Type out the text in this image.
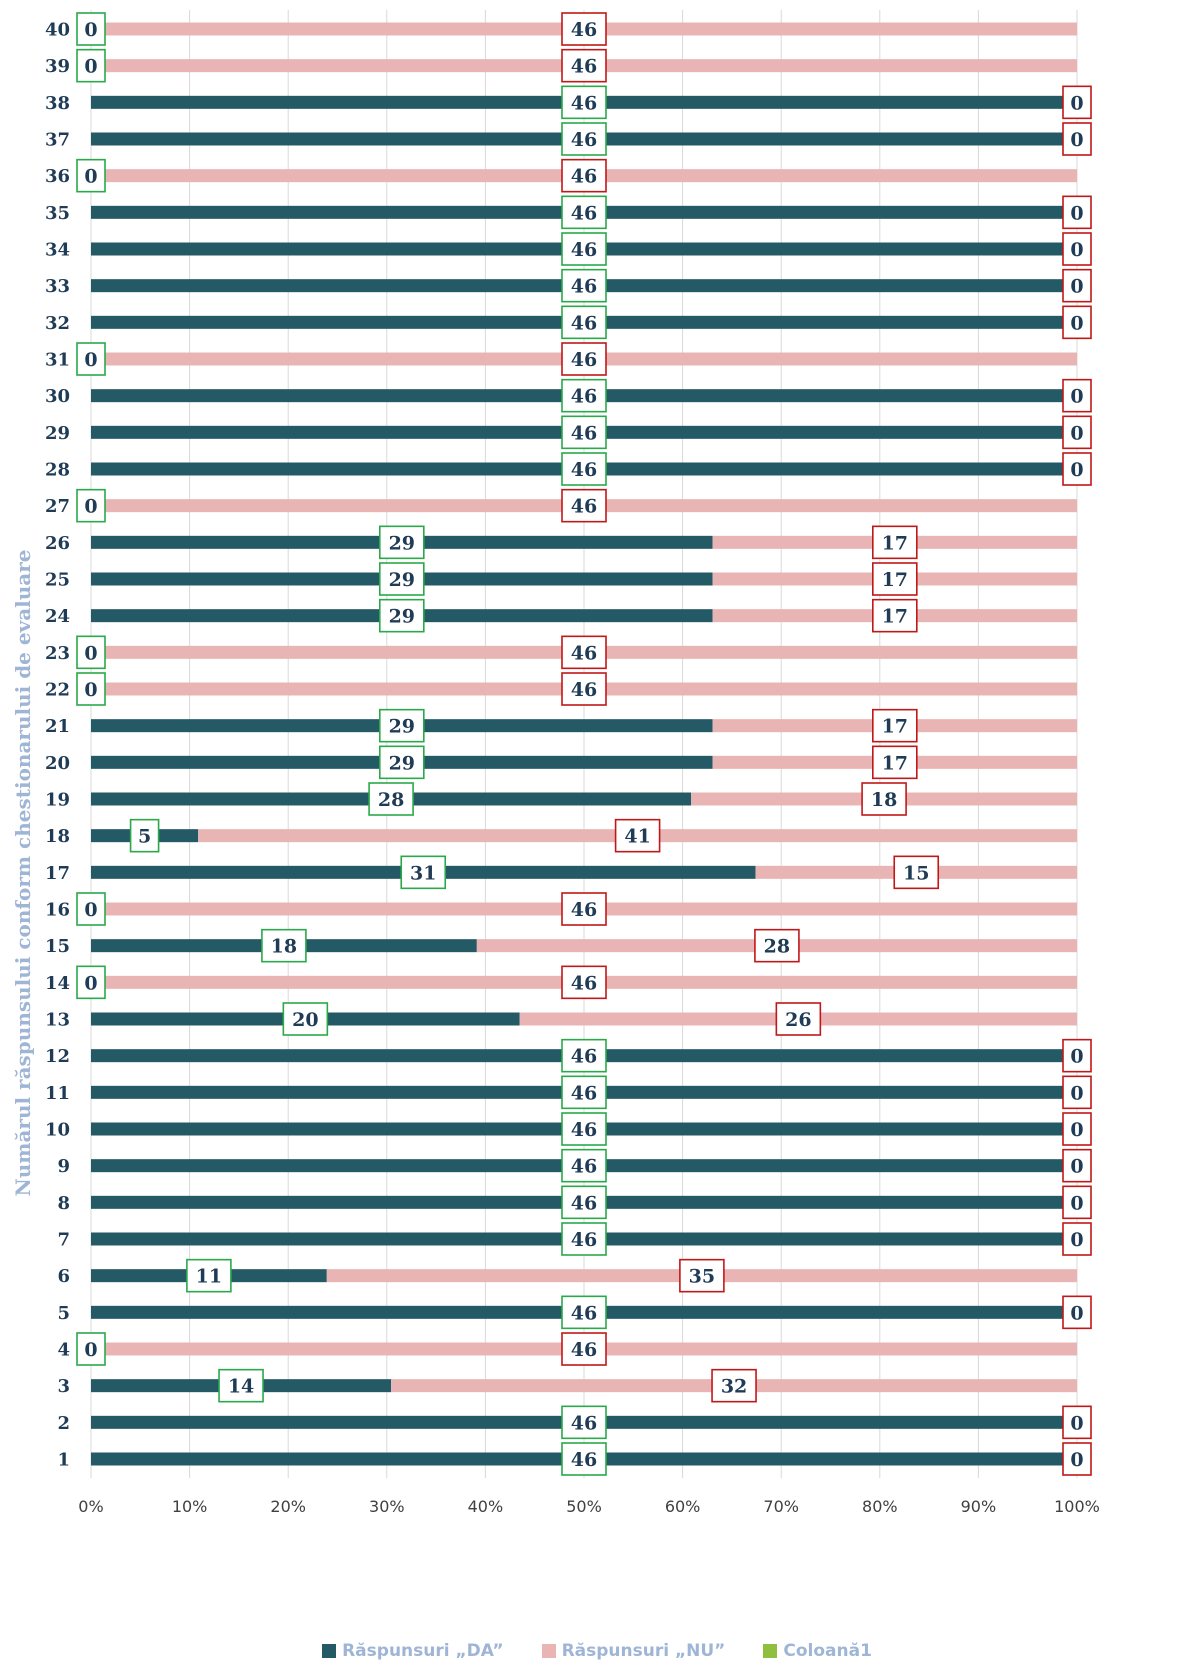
46	0
46	0
14	32
0	46
46	0
11	35
46	0
46	0
46	0
46	0
46	0
46	0
20	26
0	46
18	28
0	46
31	15
5	41
28	18
29	17
29	17
0	46
0	46
29	17
29	17
29	17
0	46
46	0
46	0
46	0
0	46
46	0
46	0
46	0
46	0
0	46
46	0
46	0
0	46
0	46
1
2
3
4
5
6
7
8
9
10
11
12
13
14
15
16
17
18
19
20
21
22
23
24
25
26
27
28
29
30
31
32
33
34
35
36
37
38
39
40
0%	10%	20%	30%	40%	50%	60%	70%	80%	90%	100%
Numărul răspunsului conform chestionarului de evaluare
Răspunsuri „DA”	Răspunsuri „NU”	Coloană1
